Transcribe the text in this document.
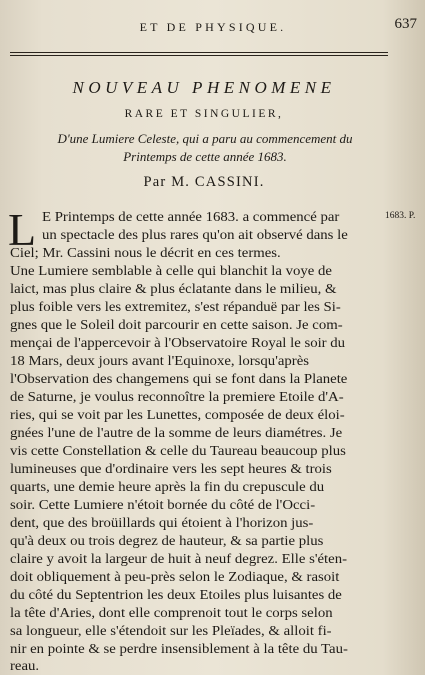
ET DE PHYSIQUE.	637
NOUVEAU PHENOMENE
RARE ET SINGULIER,
D'une Lumiere Celeste, qui a paru au commencement du
Printemps de cette année 1683.
Par M. CASSINI.
L	1683. P.
E Printemps de cette année 1683. a commencé par
un spectacle des plus rares qu'on ait observé dans le
Ciel; Mr. Cassini nous le décrit en ces termes.
Une Lumiere semblable à celle qui blanchit la voye de
laict, mas plus claire & plus éclatante dans le milieu, &
plus foible vers les extremitez, s'est répanduë par les Si-
gnes que le Soleil doit parcourir en cette saison. Je com-
mençai de l'appercevoir à l'Observatoire Royal le soir du
18 Mars, deux jours avant l'Equinoxe, lorsqu'après
l'Observation des changemens qui se font dans la Planete
de Saturne, je voulus reconnoître la premiere Etoile d'A-
ries, qui se voit par les Lunettes, composée de deux éloi-
gnées l'une de l'autre de la somme de leurs diamétres. Je
vis cette Constellation & celle du Taureau beaucoup plus
lumineuses que d'ordinaire vers les sept heures & trois
quarts, une demie heure après la fin du crepuscule du
soir. Cette Lumiere n'étoit bornée du côté de l'Occi-
dent, que des broüillards qui étoient à l'horizon jus-
qu'à deux ou trois degrez de hauteur, & sa partie plus
claire y avoit la largeur de huit à neuf degrez. Elle s'éten-
doit obliquement à peu-près selon le Zodiaque, & rasoit
du côté du Septentrion les deux Etoiles plus luisantes de
la tête d'Aries, dont elle comprenoit tout le corps selon
sa longueur, elle s'étendoit sur les Pleïades, & alloit fi-
nir en pointe & se perdre insensiblement à la tête du Tau-
reau.
